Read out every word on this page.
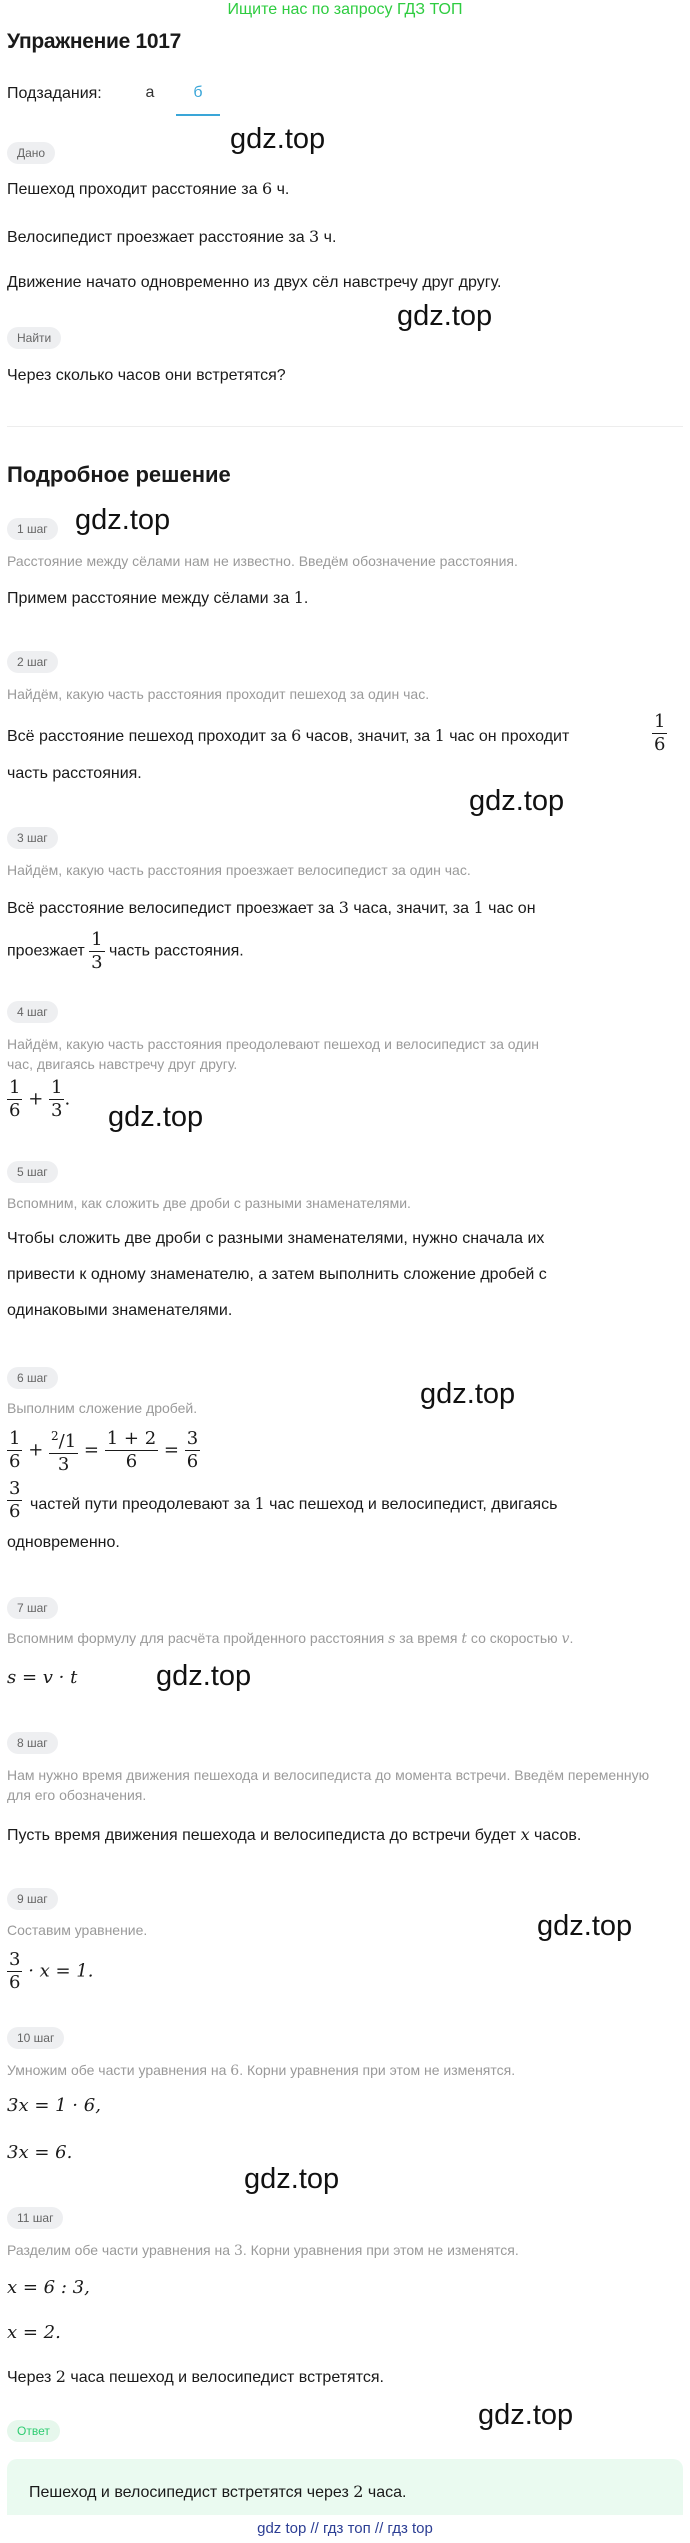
Ищите нас по запросу ГДЗ ТОП
Упражнение 1017
Подзадания:	а	б
Дано
Пешеход проходит расстояние за 6 ч.
Велосипедист проезжает расстояние за 3 ч.
Движение начато одновременно из двух сёл навстречу друг другу.
Найти
Через сколько часов они встретятся?
Подробное решение
1 шаг
Расстояние между сёлами нам не известно. Введём обозначение расстояния.
Примем расстояние между сёлами за 1.
2 шаг
Найдём, какую часть расстояния проходит пешеход за один час.
Всё расстояние пешеход проходит за 6 часов, значит, за 1 час он проходит	$\frac{1}{6}$
часть расстояния.
3 шаг
Найдём, какую часть расстояния проезжает велосипедист за один час.
Всё расстояние велосипедист проезжает за 3 часа, значит, за 1 час он
проезжает $\frac{1}{3}$ часть расстояния.
4 шаг
Найдём, какую часть расстояния преодолевают пешеход и велосипедист за один час, двигаясь навстречу друг другу.
$\frac{1}{6} + \frac{1}{3}$ .
5 шаг
Вспомним, как сложить две дроби с разными знаменателями.
Чтобы сложить две дроби с разными знаменателями, нужно сначала их
привести к одному знаменателю, а затем выполнить сложение дробей с
одинаковыми знаменателями.
6 шаг
Выполним сложение дробей.
$\frac{1}{6} + \frac{^2/1}{3} = \frac{1 + 2}{6} = \frac{3}{6}$
$\frac{3}{6}$ частей пути преодолевают за 1 час пешеход и велосипедист, двигаясь
одновременно.
7 шаг
Вспомним формулу для расчёта пройденного расстояния s за время t со скоростью v.
s = v · t
8 шаг
Нам нужно время движения пешехода и велосипедиста до момента встречи. Введём переменную для его обозначения.
Пусть время движения пешехода и велосипедиста до встречи будет x часов.
9 шаг
Составим уравнение.
$\frac{3}{6} \cdot x = 1$.
10 шаг
Умножим обе части уравнения на 6. Корни уравнения при этом не изменятся.
3x = 1 · 6,
3x = 6.
11 шаг
Разделим обе части уравнения на 3. Корни уравнения при этом не изменятся.
x = 6 : 3,
x = 2.
Через 2 часа пешеход и велосипедист встретятся.
Ответ
Пешеход и велосипедист встретятся через 2 часа.
gdz.top
gdz.top
gdz.top
gdz.top
gdz.top
gdz.top
gdz.top
gdz.top
gdz.top
gdz.top
gdz top // гдз топ // гдз top
